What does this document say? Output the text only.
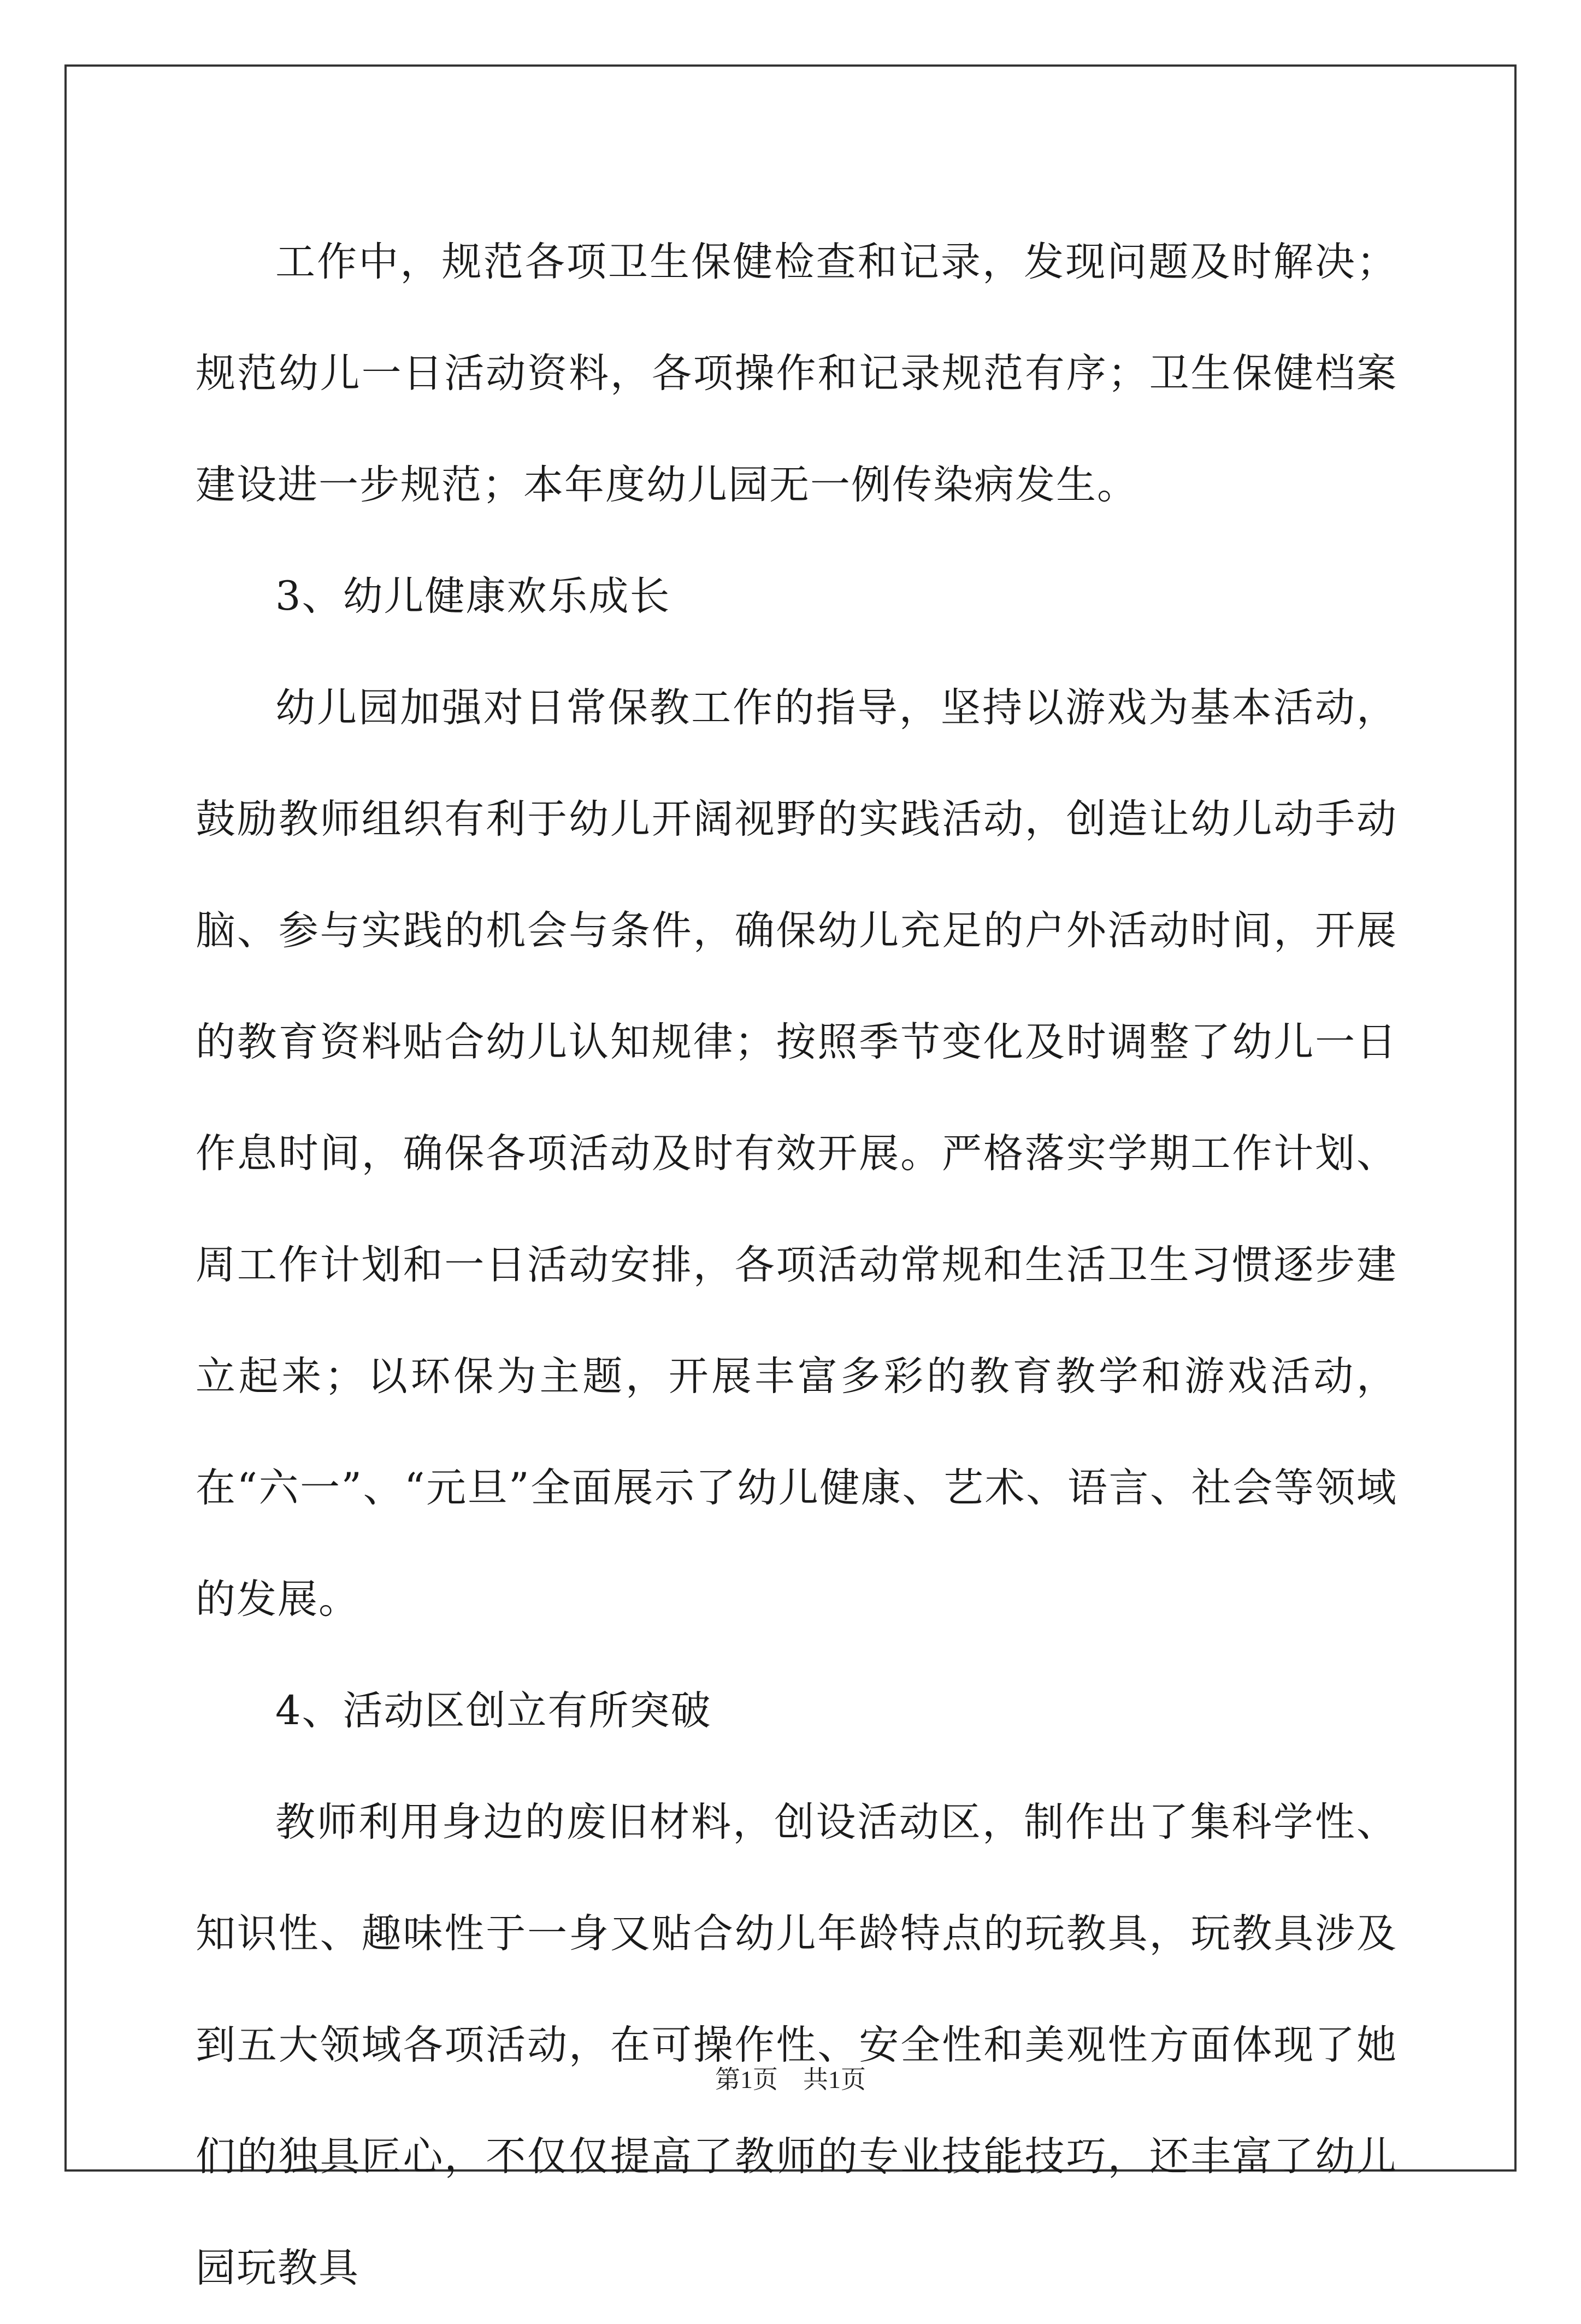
工作中，规范各项卫生保健检查和记录，发现问题及时解决；规范幼儿一日活动资料，各项操作和记录规范有序；卫生保健档案建设进一步规范；本年度幼儿园无一例传染病发生。

3、幼儿健康欢乐成长

幼儿园加强对日常保教工作的指导，坚持以游戏为基本活动，鼓励教师组织有利于幼儿开阔视野的实践活动，创造让幼儿动手动脑、参与实践的机会与条件，确保幼儿充足的户外活动时间，开展的教育资料贴合幼儿认知规律；按照季节变化及时调整了幼儿一日作息时间，确保各项活动及时有效开展。严格落实学期工作计划、周工作计划和一日活动安排，各项活动常规和生活卫生习惯逐步建立起来；以环保为主题，开展丰富多彩的教育教学和游戏活动，在“六一”、“元旦”全面展示了幼儿健康、艺术、语言、社会等领域的发展。

4、活动区创立有所突破

教师利用身边的废旧材料，创设活动区，制作出了集科学性、知识性、趣味性于一身又贴合幼儿年龄特点的玩教具，玩教具涉及到五大领域各项活动，在可操作性、安全性和美观性方面体现了她们的独具匠心，不仅仅提高了教师的专业技能技巧，还丰富了幼儿园玩教具

第1页　共1页
